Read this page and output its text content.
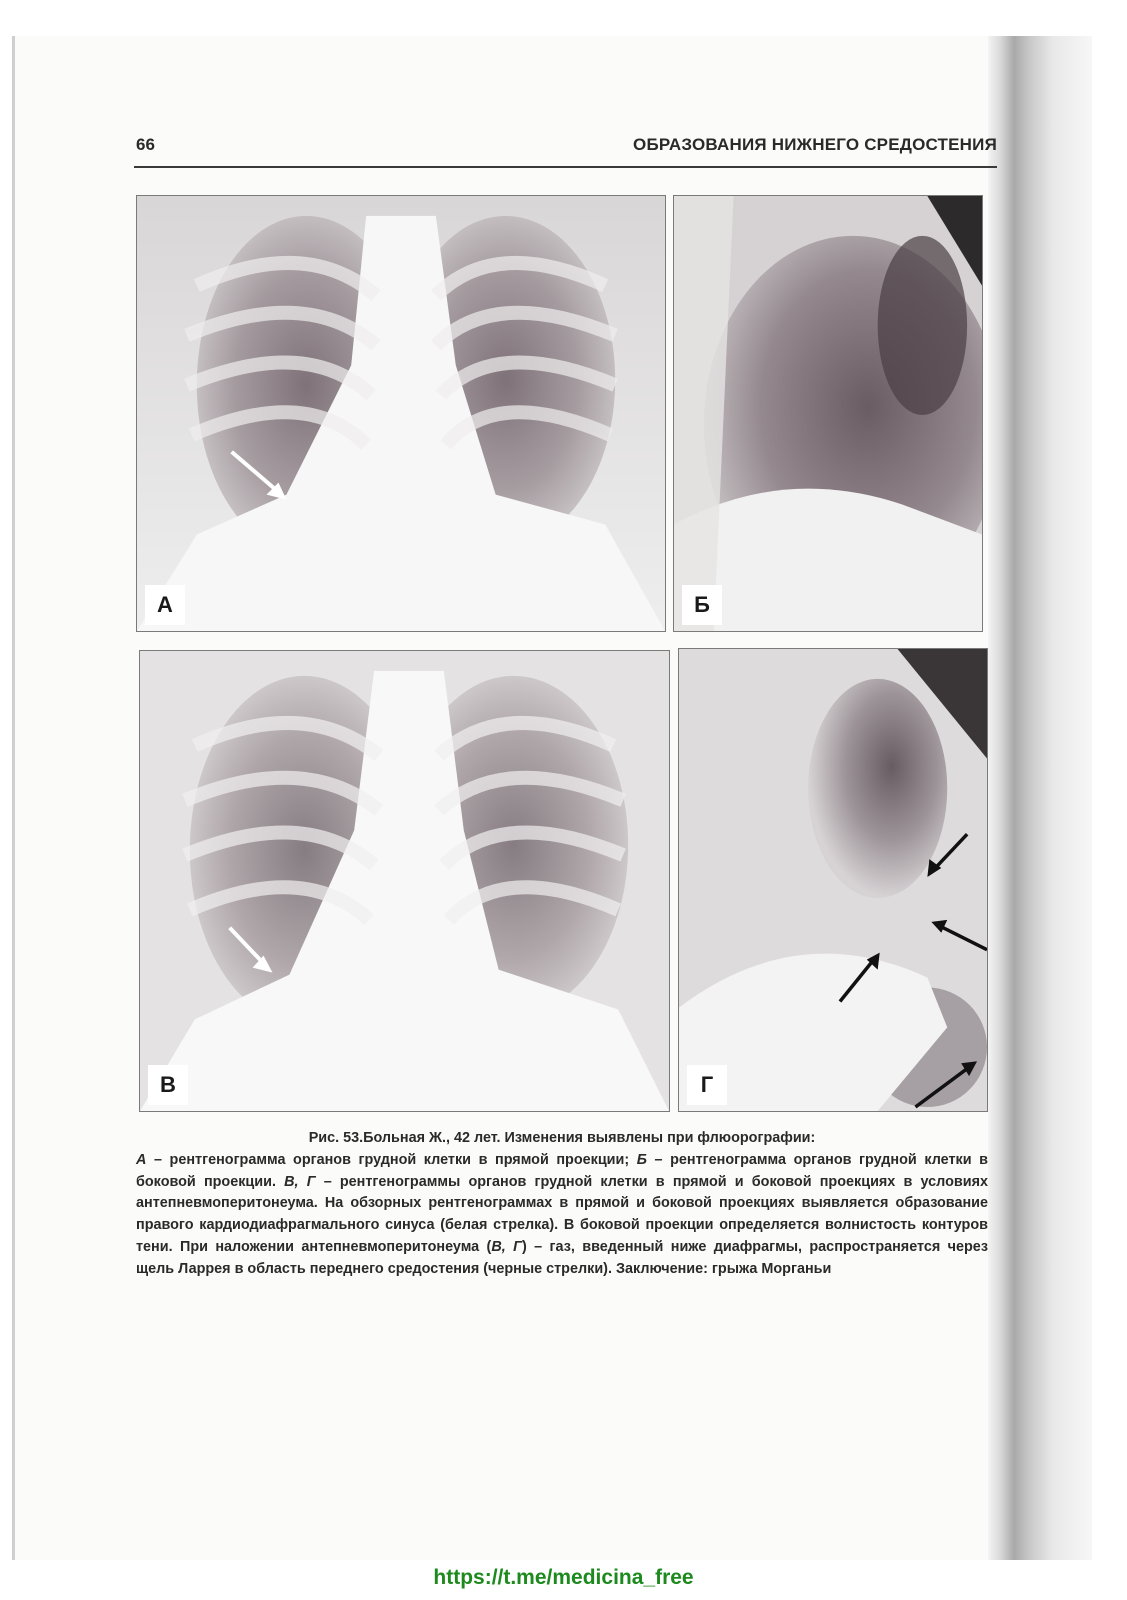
66	ОБРАЗОВАНИЯ НИЖНЕГО СРЕДОСТЕНИЯ
А	Б
В	Г
Рис. 53.Больная Ж., 42 лет. Изменения выявлены при флюорографии:
А – рентгенограмма органов грудной клетки в прямой проекции; Б – рентгенограмма органов грудной клетки в боковой проекции. В, Г – рентгенограммы органов грудной клетки в прямой и боковой проекциях в условиях антепневмоперитонеума. На обзорных рентгенограммах в прямой и боковой проекциях выявляется образование правого кардиодиафрагмального синуса (белая стрелка). В боковой проекции определяется волнистость контуров тени. При наложении антепневмоперитонеума (В, Г) – газ, введенный ниже диафрагмы, распространяется через щель Ларрея в область переднего средостения (черные стрелки). Заключение: грыжа Морганьи
https://t.me/medicina_free
